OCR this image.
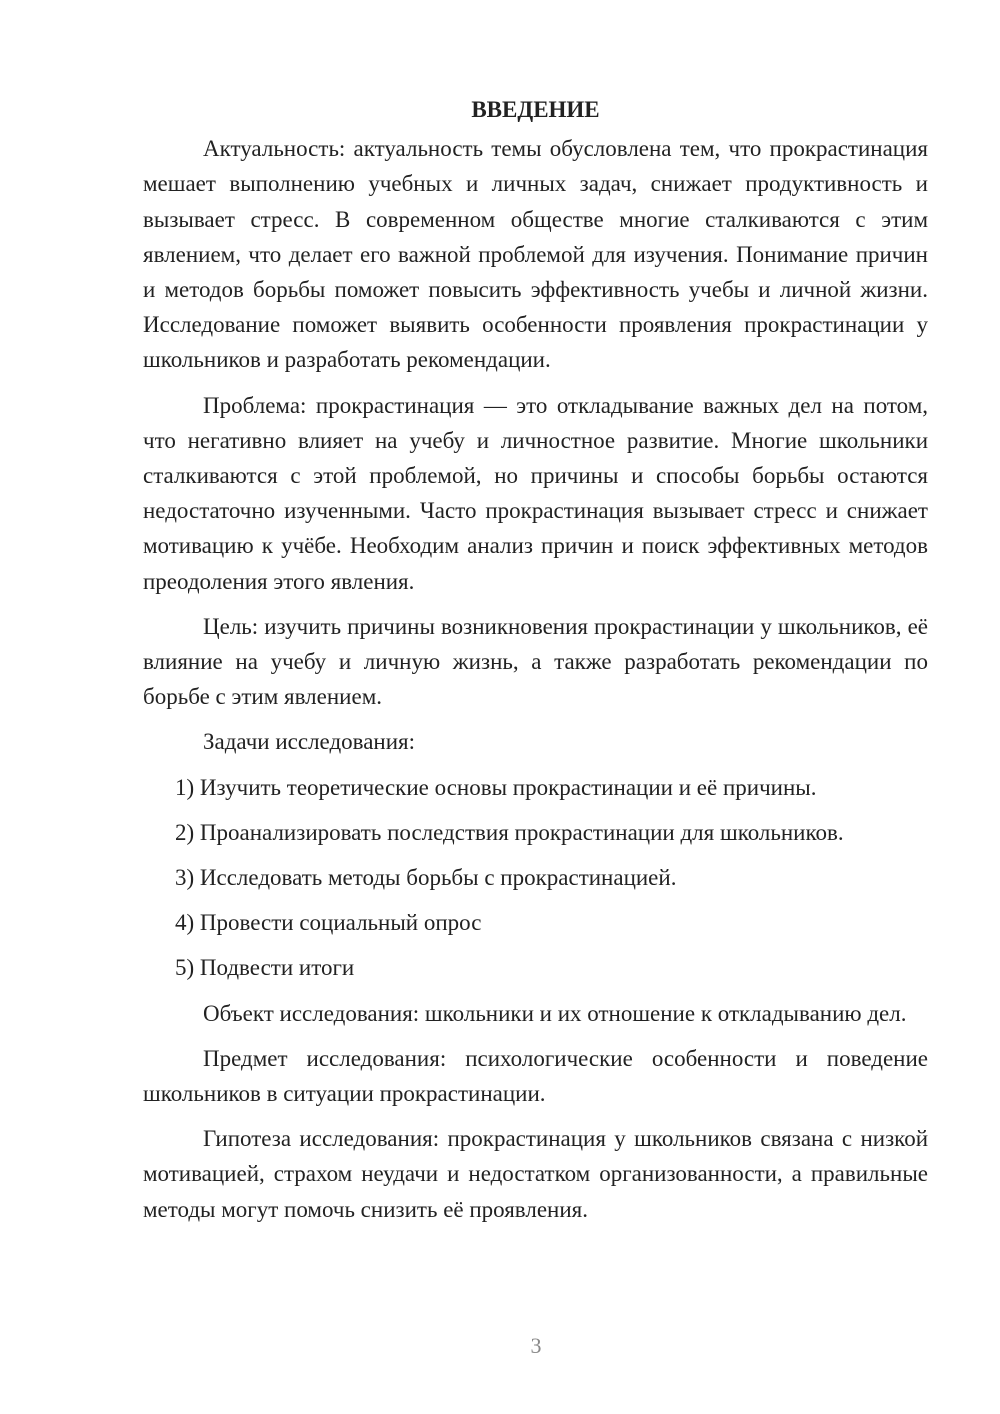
ВВЕДЕНИЕ

Актуальность: актуальность темы обусловлена тем, что прокрастинация мешает выполнению учебных и личных задач, снижает продуктивность и вызывает стресс. В современном обществе многие сталкиваются с этим явлением, что делает его важной проблемой для изучения. Понимание причин и методов борьбы поможет повысить эффективность учебы и личной жизни. Исследование поможет выявить особенности проявления прокрастинации у школьников и разработать рекомендации.

Проблема: прокрастинация — это откладывание важных дел на потом, что негативно влияет на учебу и личностное развитие. Многие школьники сталкиваются с этой проблемой, но причины и способы борьбы остаются недостаточно изученными. Часто прокрастинация вызывает стресс и снижает мотивацию к учёбе. Необходим анализ причин и поиск эффективных методов преодоления этого явления.

Цель: изучить причины возникновения прокрастинации у школьников, её влияние на учебу и личную жизнь, а также разработать рекомендации по борьбе с этим явлением.

Задачи исследования:

1) Изучить теоретические основы прокрастинации и её причины.
2) Проанализировать последствия прокрастинации для школьников.
3) Исследовать методы борьбы с прокрастинацией.
4) Провести социальный опрос
5) Подвести итоги

Объект исследования: школьники и их отношение к откладыванию дел.

Предмет исследования: психологические особенности и поведение школьников в ситуации прокрастинации.

Гипотеза исследования: прокрастинация у школьников связана с низкой мотивацией, страхом неудачи и недостатком организованности, а правильные методы могут помочь снизить её проявления.

3
